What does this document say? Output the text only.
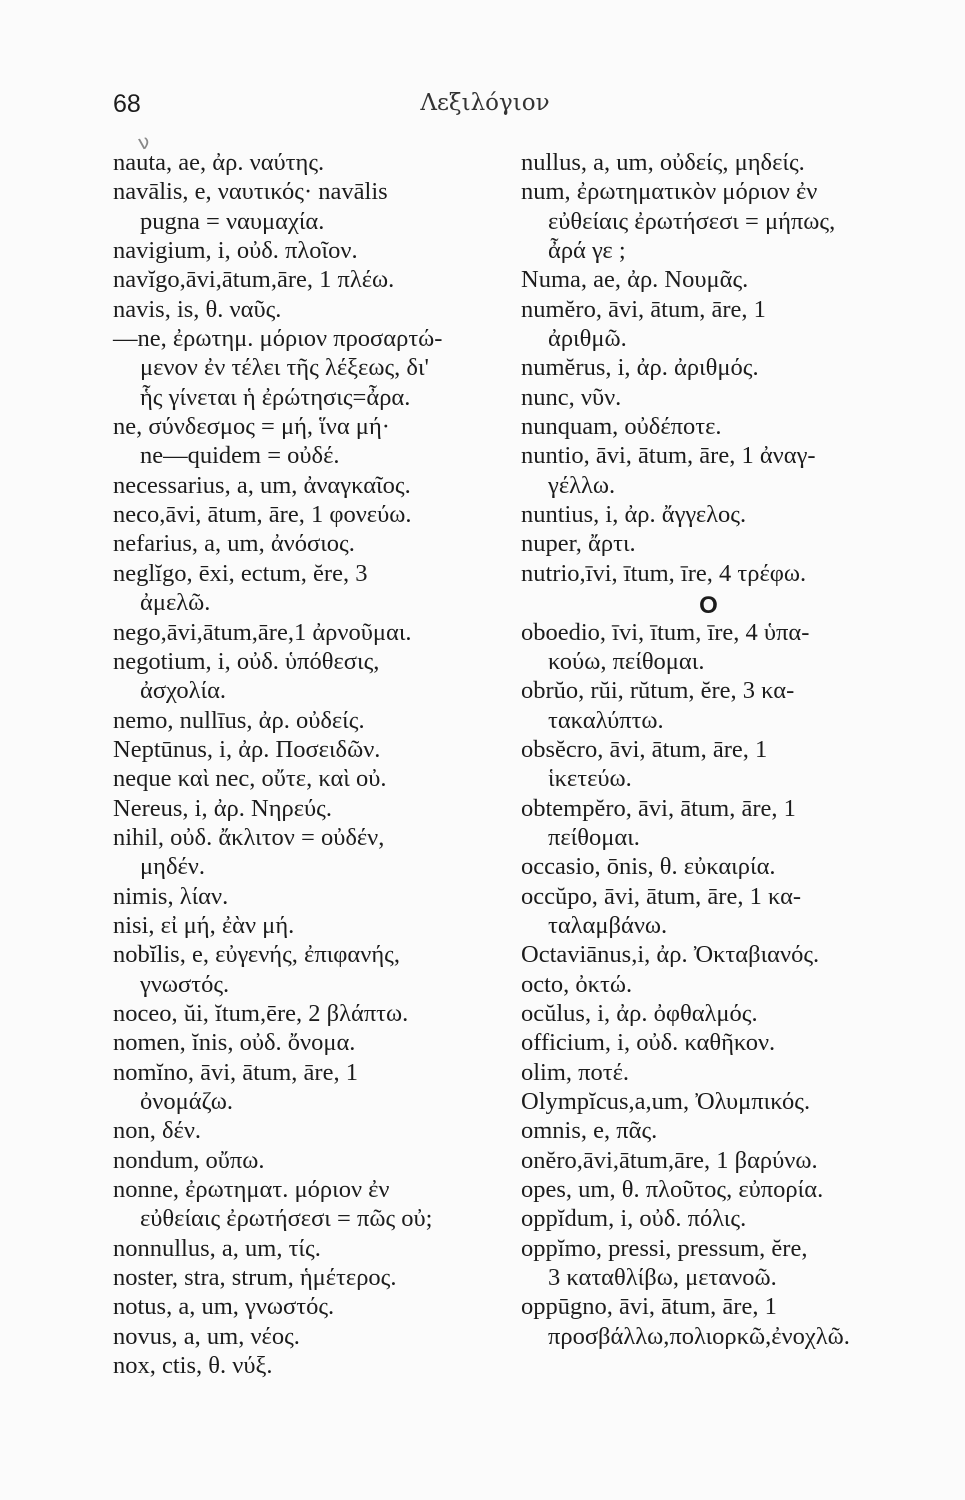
68	Λεξιλόγιον
ν
nauta, ae, ἀρ. ναύτης.
navālis, e, ναυτικός· navālis
pugna = ναυμαχία.
navigium, i, οὐδ. πλοῖον.
navĭgo,āvi,ātum,āre, 1 πλέω.
navis, is, θ. ναῦς.
—ne, ἐρωτημ. μόριον προσαρτώ-
μενον ἐν τέλει τῆς λέξεως, δι'
ἧς γίνεται ἡ ἐρώτησις=ἆρα.
ne, σύνδεσμος = μή, ἵνα μή·
ne—quidem = οὐδέ.
necessarius, a, um, ἀναγκαῖος.
neco,āvi, ātum, āre, 1 φονεύω.
nefarius, a, um, ἀνόσιος.
neglĭgo, ēxi, ectum, ĕre, 3
ἀμελῶ.
nego,āvi,ātum,āre,1 ἀρνοῦμαι.
negotium, i, οὐδ. ὑπόθεσις,
ἀσχολία.
nemo, nullīus, ἀρ. οὐδείς.
Neptūnus, i, ἀρ. Ποσειδῶν.
neque καὶ nec, οὔτε, καὶ οὐ.
Nereus, i, ἀρ. Νηρεύς.
nihil, οὐδ. ἄκλιτον = οὐδέν,
μηδέν.
nimis, λίαν.
nisi, εἰ μή, ἐὰν μή.
nobĭlis, e, εὐγενής, ἐπιφανής,
γνωστός.
noceo, ŭi, ĭtum,ēre, 2 βλάπτω.
nomen, ĭnis, οὐδ. ὄνομα.
nomĭno, āvi, ātum, āre, 1
ὀνομάζω.
non, δέν.
nondum, οὔπω.
nonne, ἐρωτηματ. μόριον ἐν
εὐθείαις ἐρωτήσεσι = πῶς οὐ;
nonnullus, a, um, τίς.
noster, stra, strum, ἡμέτερος.
notus, a, um, γνωστός.
novus, a, um, νέος.
nox, ctis, θ. νύξ.
nullus, a, um, οὐδείς, μηδείς.
num, ἐρωτηματικὸν μόριον ἐν
εὐθείαις ἐρωτήσεσι = μήπως,
ἆρά γε ;
Numa, ae, ἀρ. Νουμᾶς.
numĕro, āvi, ātum, āre, 1
ἀριθμῶ.
numĕrus, i, ἀρ. ἀριθμός.
nunc, νῦν.
nunquam, οὐδέποτε.
nuntio, āvi, ātum, āre, 1 ἀναγ-
γέλλω.
nuntius, i, ἀρ. ἄγγελος.
nuper, ἄρτι.
nutrio,īvi, ītum, īre, 4 τρέφω.
O
oboedio, īvi, ītum, īre, 4 ὑπα-
κούω, πείθομαι.
obrŭo, rŭi, rŭtum, ĕre, 3 κα-
τακαλύπτω.
obsĕcro, āvi, ātum, āre, 1
ἱκετεύω.
obtempĕro, āvi, ātum, āre, 1
πείθομαι.
occasio, ōnis, θ. εὐκαιρία.
occŭpo, āvi, ātum, āre, 1 κα-
ταλαμβάνω.
Octaviānus,i, ἀρ. Ὀκταβιανός.
octo, ὀκτώ.
ocŭlus, i, ἀρ. ὀφθαλμός.
officium, i, οὐδ. καθῆκον.
olim, ποτέ.
Olympĭcus,a,um, Ὀλυμπικός.
omnis, e, πᾶς.
onĕro,āvi,ātum,āre, 1 βαρύνω.
opes, um, θ. πλοῦτος, εὐπορία.
oppĭdum, i, οὐδ. πόλις.
oppĭmo, pressi, pressum, ĕre,
3 καταθλίβω, μετανοῶ.
oppūgno, āvi, ātum, āre, 1
προσβάλλω,πολιορκῶ,ἐνοχλῶ.
